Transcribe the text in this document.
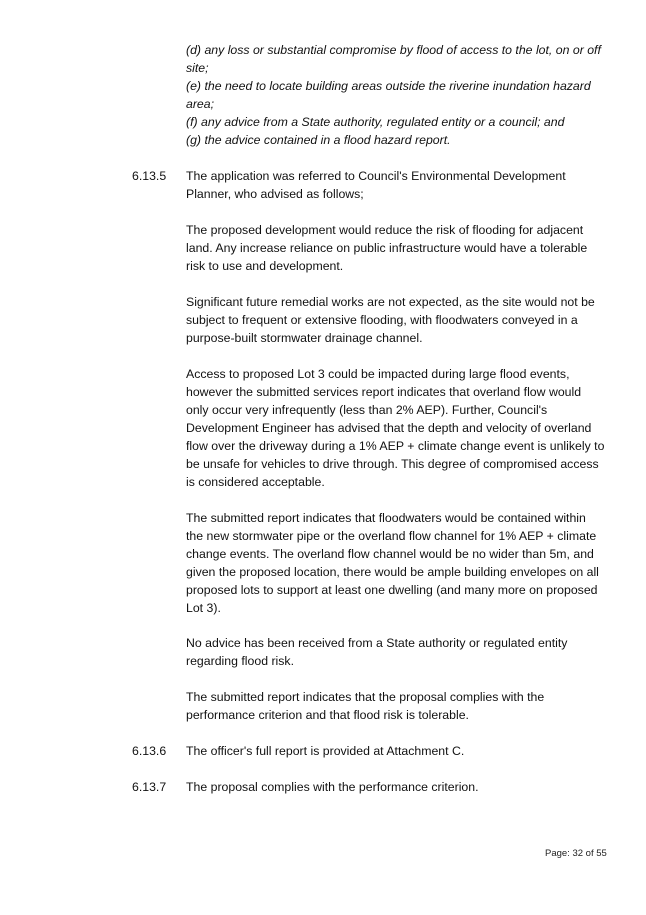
(d) any loss or substantial compromise by flood of access to the lot, on or off site;
(e) the need to locate building areas outside the riverine inundation hazard area;
(f) any advice from a State authority, regulated entity or a council; and
(g) the advice contained in a flood hazard report.
6.13.5 The application was referred to Council's Environmental Development Planner, who advised as follows;

The proposed development would reduce the risk of flooding for adjacent land. Any increase reliance on public infrastructure would have a tolerable risk to use and development.

Significant future remedial works are not expected, as the site would not be subject to frequent or extensive flooding, with floodwaters conveyed in a purpose-built stormwater drainage channel.

Access to proposed Lot 3 could be impacted during large flood events, however the submitted services report indicates that overland flow would only occur very infrequently (less than 2% AEP). Further, Council's Development Engineer has advised that the depth and velocity of overland flow over the driveway during a 1% AEP + climate change event is unlikely to be unsafe for vehicles to drive through. This degree of compromised access is considered acceptable.

The submitted report indicates that floodwaters would be contained within the new stormwater pipe or the overland flow channel for 1% AEP + climate change events. The overland flow channel would be no wider than 5m, and given the proposed location, there would be ample building envelopes on all proposed lots to support at least one dwelling (and many more on proposed Lot 3).

No advice has been received from a State authority or regulated entity regarding flood risk.

The submitted report indicates that the proposal complies with the performance criterion and that flood risk is tolerable.

6.13.6 The officer's full report is provided at Attachment C.

6.13.7 The proposal complies with the performance criterion.

Page: 32 of 55
